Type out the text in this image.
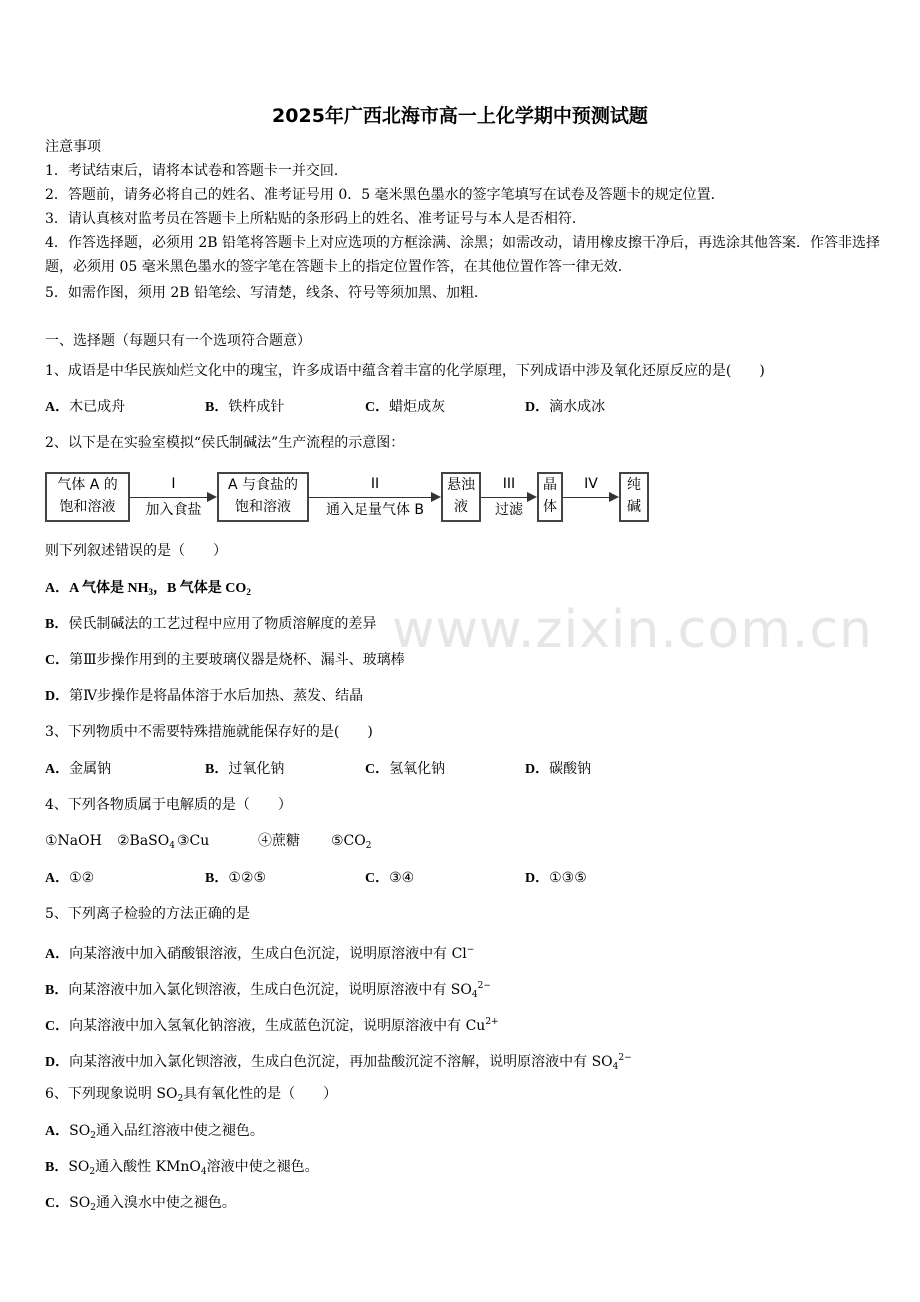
2025年广西北海市高一上化学期中预测试题
注意事项
1．考试结束后，请将本试卷和答题卡一并交回．
2．答题前，请务必将自己的姓名、准考证号用 0．5 毫米黑色墨水的签字笔填写在试卷及答题卡的规定位置．
3．请认真核对监考员在答题卡上所粘贴的条形码上的姓名、准考证号与本人是否相符．
4．作答选择题，必须用 2B 铅笔将答题卡上对应选项的方框涂满、涂黑；如需改动，请用橡皮擦干净后，再选涂其他答案．作答非选择题，必须用 05 毫米黑色墨水的签字笔在答题卡上的指定位置作答，在其他位置作答一律无效．
5．如需作图，须用 2B 铅笔绘、写清楚，线条、符号等须加黑、加粗．
一、选择题（每题只有一个选项符合题意）
1、成语是中华民族灿烂文化中的瑰宝，许多成语中蕴含着丰富的化学原理，下列成语中涉及氧化还原反应的是(　　)
A．木已成舟	B．铁杵成针	C．蜡炬成灰	D．滴水成冰
2、以下是在实验室模拟“侯氏制碱法”生产流程的示意图：
气体 A 的
饱和溶液
I
加入食盐
A 与食盐的
饱和溶液
II
通入足量气体 B
悬浊
液
III
过滤
晶
体
IV	纯
碱
则下列叙述错误的是（　　）
A．A 气体是 $NH_3$，B 气体是 $CO_2$
B．侯氏制碱法的工艺过程中应用了物质溶解度的差异
C．第Ⅲ步操作用到的主要玻璃仪器是烧杯、漏斗、玻璃棒
D．第Ⅳ步操作是将晶体溶于水后加热、蒸发、结晶
www.zixin.com.cn
3、下列物质中不需要特殊措施就能保存好的是(　　)
A．金属钠	B．过氧化钠	C．氢氧化钠	D．碳酸钠
4、下列各物质属于电解质的是（　　）
①NaOH ②BaSO$_4$ ③Cu	④蔗糖 $⑤CO_2$
A．①②	B．①②⑤	C．③④	D．①③⑤
5、下列离子检验的方法正确的是
A．向某溶液中加入硝酸银溶液，生成白色沉淀，说明原溶液中有 Cl−
B．向某溶液中加入氯化钡溶液，生成白色沉淀，说明原溶液中有 $SO_4^{2-}$
C．向某溶液中加入氢氧化钠溶液，生成蓝色沉淀，说明原溶液中有 $Cu^{2+}$
D．向某溶液中加入氯化钡溶液，生成白色沉淀，再加盐酸沉淀不溶解，说明原溶液中有 $SO_4^{2-}$
6、下列现象说明 $SO_2$具有氧化性的是（　　）
A．$SO_2$通入品红溶液中使之褪色。
B．$SO_2$通入酸性 KMnO$_4$溶液中使之褪色。
C．$SO_2$通入溴水中使之褪色。
